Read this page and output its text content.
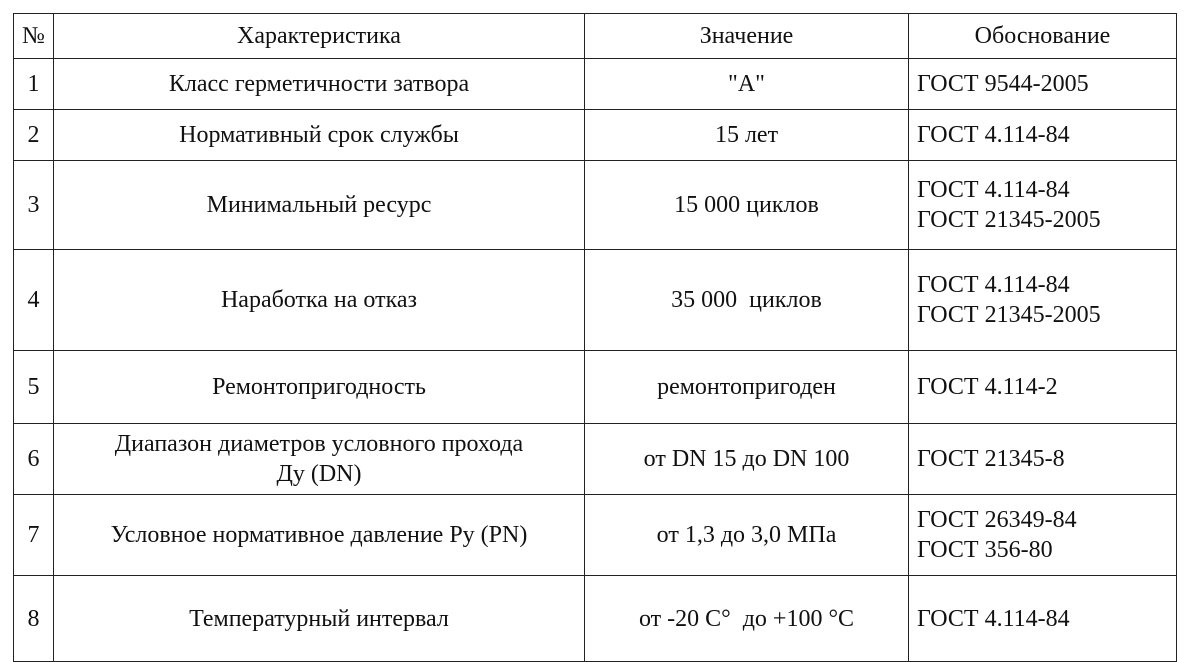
№	Характеристика	Значение	Обоснование
1	Класс герметичности затвора	"А"	ГОСТ 9544-2005

2	Нормативный срок службы	15 лет	ГОСТ 4.114-84

3	Минимальный ресурс	15 000 циклов	ГОСТ 4.114-84
ГОСТ 21345-2005

4	Наработка на отказ	35 000  циклов	ГОСТ 4.114-84
ГОСТ 21345-2005

5	Ремонтопригодность	ремонтопригоден	ГОСТ 4.114-2

6	Диапазон диаметров условного прохода
Ду (DN)	от DN 15 до DN 100	ГОСТ 21345-8

7	Условное нормативное давление Ру (PN)	от 1,3 до 3,0 МПа	ГОСТ 26349-84
ГОСТ 356-80

8	Температурный интервал	от -20 С°  до +100 °С	ГОСТ 4.114-84
